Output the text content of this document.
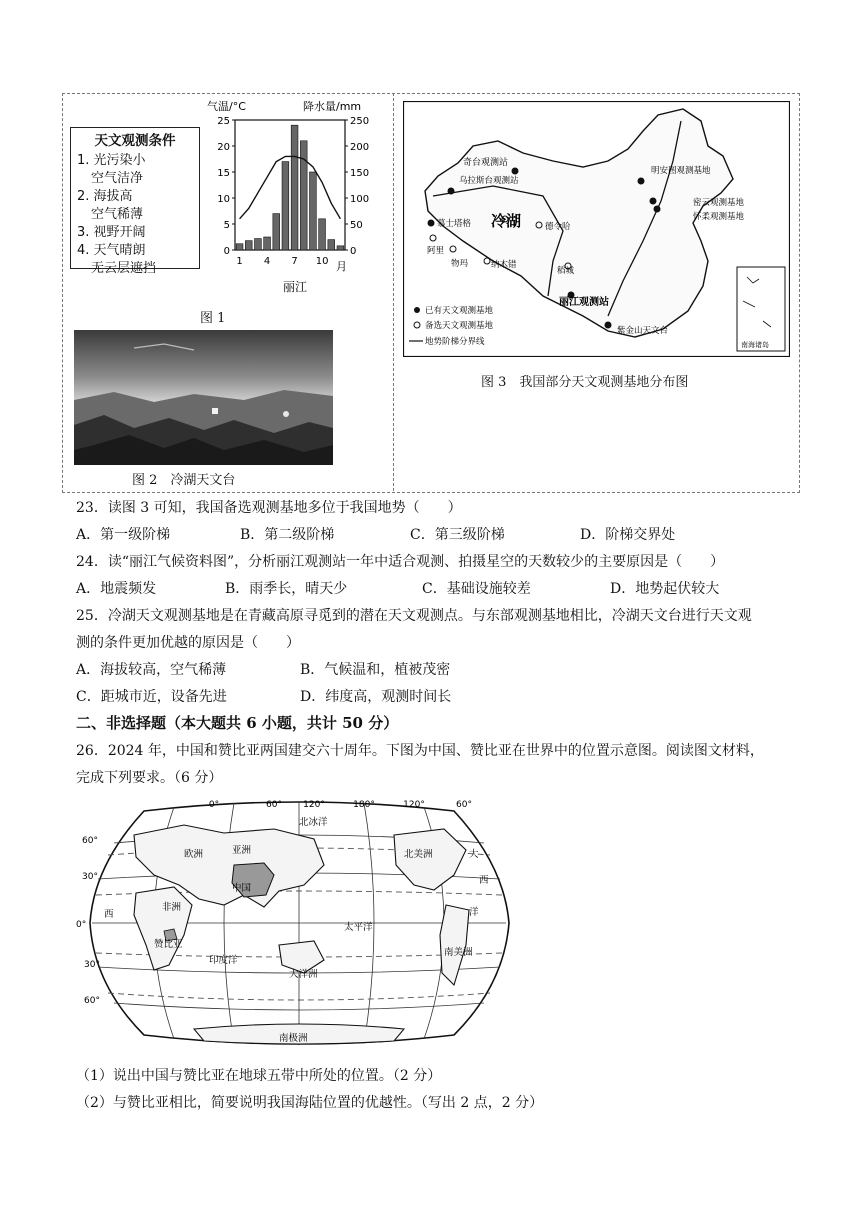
天文观测条件
1. 光污染小
空气洁净
2. 海拔高
空气稀薄
3. 视野开阔
4. 天气晴朗
无云层遮挡
气温/°C	降水量/mm
0
5
10
15
20
25
0
50
100
150
200
250
1 4 7 10 月
丽江
图 1
图 2　冷湖天文台
奇台观测站
乌拉斯台观测站
慕士塔格
阿里
物玛
冷湖	德令哈
纳木错
稻城
丽江观测站
明安图观测基地
密云观测基地
怀柔观测基地
紫金山天文台
南海诸岛
已有天文观测基地
备选天文观测基地
地势阶梯分界线
图 3　我国部分天文观测基地分布图
23．读图 3 可知，我国备选观测基地多位于我国地势（　　）
A．第一级阶梯	B．第二级阶梯	C．第三级阶梯	D．阶梯交界处
24．读“丽江气候资料图”，分析丽江观测站一年中适合观测、拍摄星空的天数较少的主要原因是（　　）
A．地震频发	B．雨季长，晴天少	C．基础设施较差	D．地势起伏较大
25．冷湖天文观测基地是在青藏高原寻觅到的潜在天文观测点。与东部观测基地相比，冷湖天文台进行天文观
测的条件更加优越的原因是（　　）
A．海拔较高，空气稀薄	B．气候温和，植被茂密
C．距城市近，设备先进	D．纬度高，观测时间长
二、非选择题（本大题共 6 小题，共计 50 分）
26．2024 年，中国和赞比亚两国建交六十周年。下图为中国、赞比亚在世界中的位置示意图。阅读图文材料，
完成下列要求。（6 分）
0°	60° 120°	180°	120°	60°
60°
30°
0°
30°
60°
北冰洋
欧洲	亚洲
中国
非洲
赞比亚
印度洋
大洋洲
太平洋
南极洲
北美洲
南美洲
大
西
洋
西
（1）说出中国与赞比亚在地球五带中所处的位置。（2 分）
（2）与赞比亚相比，简要说明我国海陆位置的优越性。（写出 2 点，2 分）
